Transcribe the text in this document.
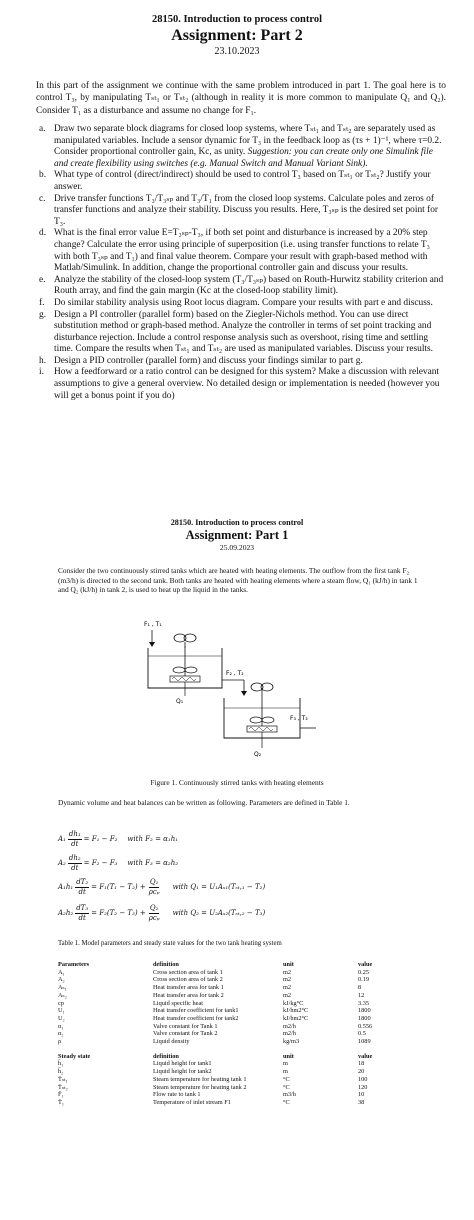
28150. Introduction to process control
Assignment: Part 2
23.10.2023

In this part of the assignment we continue with the same problem introduced in part 1. The goal here is to control T₃, by manipulating Tₛₜ₁ or Tₛₜ₂ (although in reality it is more common to manipulate Q₁ and Q₂). Consider T₁ as a disturbance and assume no change for F₁.

a. Draw two separate block diagrams for closed loop systems, where Tₛₜ₁ and Tₛₜ₂ are separately used as manipulated variables. Include a sensor dynamic for T₃ in the feedback loop as (τs + 1)⁻¹, where τ=0.2. Consider proportional controller gain, Kc, as unity. Suggestion: you can create only one Simulink file and create flexibility using switches (e.g. Manual Switch and Manual Variant Sink).
b. What type of control (direct/indirect) should be used to control T₃ based on Tₛₜ₁ or Tₛₜ₂? Justify your answer.
c. Drive transfer functions T₃/T₃ₛₚ and T₃/T₁ from the closed loop systems. Calculate poles and zeros of transfer functions and analyze their stability. Discuss you results. Here, T₃ₛₚ is the desired set point for T₃.
d. What is the final error value E=T₃ₛₚ-T₃, if both set point and disturbance is increased by a 20% step change? Calculate the error using principle of superposition (i.e. using transfer functions to relate T₃ with both T₃ₛₚ and T₁) and final value theorem. Compare your result with graph-based method with Matlab/Simulink. In addition, change the proportional controller gain and discuss your results.
e. Analyze the stability of the closed-loop system (T₃/T₃ₛₚ) based on Routh-Hurwitz stability criterion and Routh array, and find the gain margin (Kc at the closed-loop stability limit).
f. Do similar stability analysis using Root locus diagram. Compare your results with part e and discuss.
g. Design a PI controller (parallel form) based on the Ziegler-Nichols method. You can use direct substitution method or graph-based method. Analyze the controller in terms of set point tracking and disturbance rejection. Include a control response analysis such as overshoot, rising time and settling time. Compare the results when Tₛₜ₁ and Tₛₜ₂ are used as manipulated variables. Discuss your results.
h. Design a PID controller (parallel form) and discuss your findings similar to part g.
i. How a feedforward or a ratio control can be designed for this system? Make a discussion with relevant assumptions to give a general overview. No detailed design or implementation is needed (however you will get a bonus point if you do)
28150. Introduction to process control
Assignment: Part 1
25.09.2023

Consider the two continuously stirred tanks which are heated with heating elements. The outflow from the first tank F₂ (m3/h) is directed to the second tank. Both tanks are heated with heating elements where a steam flow, Q₁ (kJ/h) in tank 1 and Q₂ (kJ/h) in tank 2, is used to heat up the liquid in the tanks.

F₁ , T₁
Q₁
F₂ , T₂
Q₂
F₃ , T₃
Figure 1. Continuously stirred tanks with heating elements

Dynamic volume and heat balances can be written as following. Parameters are defined in Table 1.

$A_1 \frac{\text{dh₁}}{dt} = F_1 - F_2$ with F₂ = α₁h₁
$A_2 \frac{\text{dh₂}}{dt} = F_2 - F_3$ with F₃ = α₂h₂
$A_1h_1 \frac{\text{dT₂}}{dt} = F_1(T_1 - T_2) + \frac{\text{Q₁}}{\text{ρcₚ}}$ with Q₁ = U₁Aₛ₁(Tₛₜ,₁ − T₂)
$A_2h_2 \frac{\text{dT₃}}{dt} = F_2(T_2 - T_3) + \frac{\text{Q₂}}{\text{ρcₚ}}$ with Q₂ = U₂Aₛ₂(Tₛₜ,₂ − T₃)
Table 1. Model parameters and steady state values for the two tank heating system
Parameters	definition	unit	value
A₁	Cross section area of tank 1	m2	0.25
A₂	Cross section area of tank 2	m2	0.19
Aₛ₁	Heat transfer area for tank 1	m2	8
Aₛ₂	Heat transfer area for tank 2	m2	12
cp	Liquid specific heat	kJ/kg°C	3.35
U₁	Heat transfer coefficient for tank1	kJ/hm2°C	1800
U₂	Heat transfer coefficient for tank2	kJ/hm2°C	1800
α₁	Valve constant for Tank 1	m2/h	0.556
α₂	Valve constant for Tank 2	m2/h	0.5
ρ	Liquid density	kg/m3	1089

Steady state	definition	unit	value
h̄₁	Liquid height for tank1	m	18
h̄₂	Liquid height for tank2	m	20
T̄ₛₜ₁	Steam temperature for heating tank 1	°C	100
T̄ₛₜ₂	Steam temperature for heating tank 2	°C	120
F̄₁	Flow rate to tank 1	m3/h	10
T̄₁	Temperature of inlet stream F1	°C	38
